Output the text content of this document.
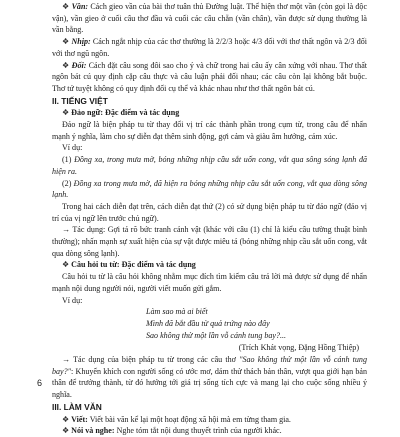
❖ Vần: Cách gieo vần của bài thơ tuân thủ Đường luật. Thể hiện thơ một vần (còn gọi là độc vận), vần gieo ở cuối câu thơ đầu và cuối các câu chẵn (vần chân), vần được sử dụng thường là vần bằng.

❖ Nhịp: Cách ngắt nhịp của các thơ thường là 2/2/3 hoặc 4/3 đối với thơ thất ngôn và 2/3 đối với thơ ngũ ngôn.

❖ Đối: Cách đặt câu song đôi sao cho ý và chữ trong hai câu ấy cân xứng với nhau. Thơ thất ngôn bát cú quy định cặp câu thực và câu luận phải đối nhau; các câu còn lại không bắt buộc. Thơ tứ tuyệt không có quy định đối cụ thể và khác nhau như thơ thất ngôn bát cú.

II. TIẾNG VIỆT

❖ Đảo ngữ: Đặc điểm và tác dụng

Đảo ngữ là biện pháp tu từ thay đổi vị trí các thành phần trong cụm từ, trong câu để nhấn mạnh ý nghĩa, làm cho sự diễn đạt thêm sinh động, gợi cảm và giàu âm hưởng, cảm xúc.

Ví dụ:

(1) Đồng xa, trong mưa mờ, bóng những nhịp cầu sắt uốn cong, vắt qua sông sóng lạnh đã hiện ra.

(2) Đồng xa trong mưa mờ, đã hiện ra bóng những nhịp cầu sắt uốn cong, vắt qua dòng sông lạnh.

Trong hai cách diễn đạt trên, cách diễn đạt thứ (2) có sử dụng biện pháp tu từ đảo ngữ (đảo vị trí của vị ngữ lên trước chủ ngữ).

→ Tác dụng: Gợi tả rõ bức tranh cảnh vật (khác với câu (1) chỉ là kiểu câu tường thuật bình thường); nhấn mạnh sự xuất hiện của sự vật được miêu tả (bóng những nhịp cầu sắt uốn cong, vắt qua dòng sông lạnh).

❖ Câu hỏi tu từ: Đặc điểm và tác dụng

Câu hỏi tu từ là câu hỏi không nhằm mục đích tìm kiếm câu trả lời mà được sử dụng để nhấn mạnh nội dung người nói, người viết muốn gửi gắm.

Ví dụ:

Làm sao mà ai biết
Mình đã bắt đầu từ quả trứng nào đây
Sao không thử một lần vỗ cánh tung bay?...

(Trích Khát vọng, Đặng Hồng Thiệp)

→ Tác dụng của biện pháp tu từ trong các câu thơ "Sao không thử một lần vỗ cánh tung bay?": Khuyến khích con người sống có ước mơ, dám thử thách bản thân, vượt qua giới hạn bản thân để trưởng thành, từ đó hướng tới giá trị sống tích cực và mang lại cho cuộc sống nhiều ý nghĩa.

III. LÀM VĂN

❖ Viết: Viết bài văn kể lại một hoạt động xã hội mà em từng tham gia.

❖ Nói và nghe: Nghe tóm tắt nội dung thuyết trình của người khác.

6
